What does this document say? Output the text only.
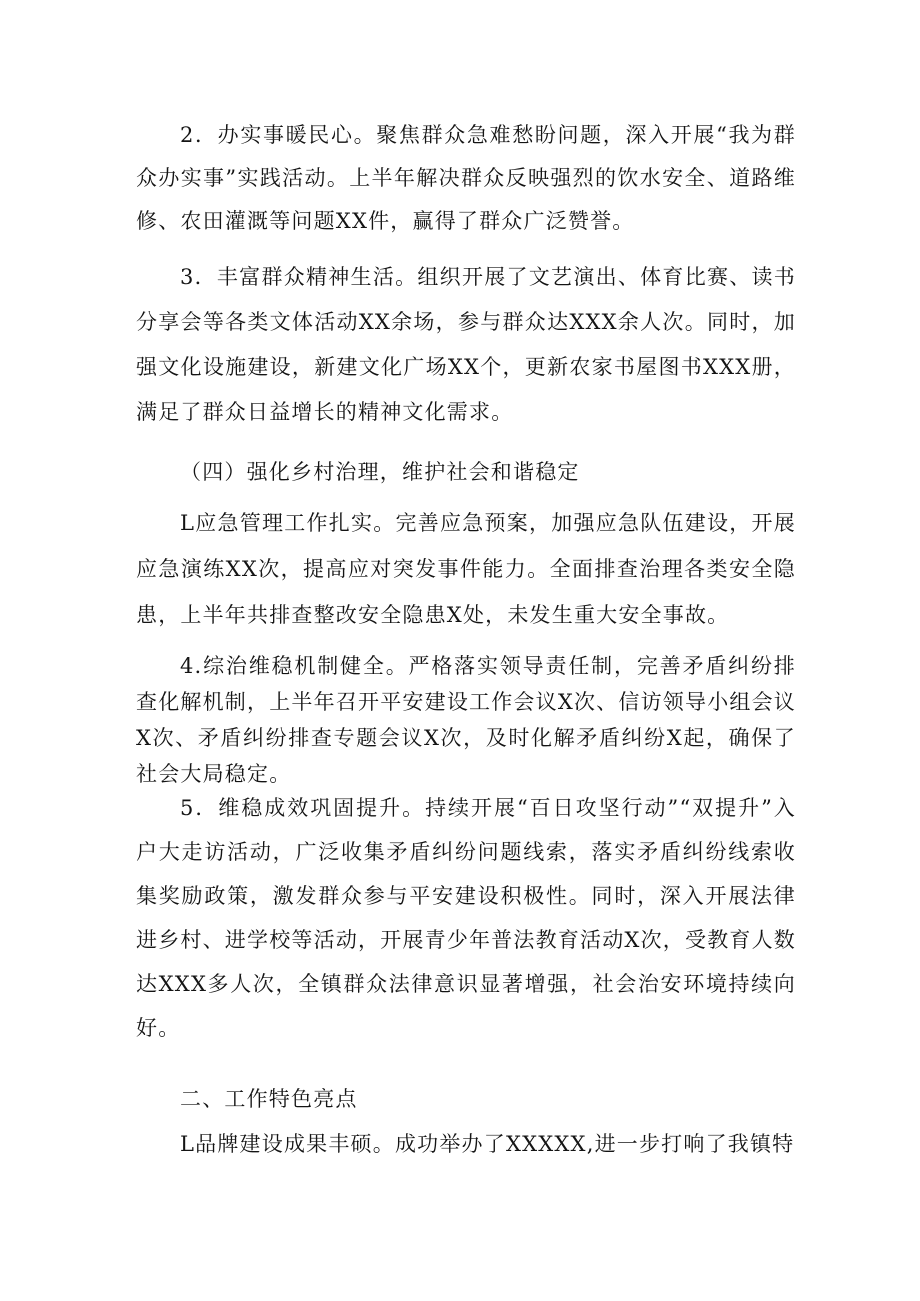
2．办实事暖民心。聚焦群众急难愁盼问题，深入开展“我为群众办实事”实践活动。上半年解决群众反映强烈的饮水安全、道路维修、农田灌溉等问题XX件，赢得了群众广泛赞誉。

3．丰富群众精神生活。组织开展了文艺演出、体育比赛、读书分享会等各类文体活动XX余场，参与群众达XXX余人次。同时，加强文化设施建设，新建文化广场XX个，更新农家书屋图书XXX册，满足了群众日益增长的精神文化需求。

（四）强化乡村治理，维护社会和谐稳定

L应急管理工作扎实。完善应急预案，加强应急队伍建设，开展应急演练XX次，提高应对突发事件能力。全面排查治理各类安全隐患，上半年共排查整改安全隐患X处，未发生重大安全事故。

4.综治维稳机制健全。严格落实领导责任制，完善矛盾纠纷排查化解机制，上半年召开平安建设工作会议X次、信访领导小组会议X次、矛盾纠纷排查专题会议X次，及时化解矛盾纠纷X起，确保了社会大局稳定。

5．维稳成效巩固提升。持续开展“百日攻坚行动”“双提升”入户大走访活动，广泛收集矛盾纠纷问题线索，落实矛盾纠纷线索收集奖励政策，激发群众参与平安建设积极性。同时，深入开展法律进乡村、进学校等活动，开展青少年普法教育活动X次，受教育人数达XXX多人次，全镇群众法律意识显著增强，社会治安环境持续向好。

二、工作特色亮点

L品牌建设成果丰硕。成功举办了XXXXX,进一步打响了我镇特
